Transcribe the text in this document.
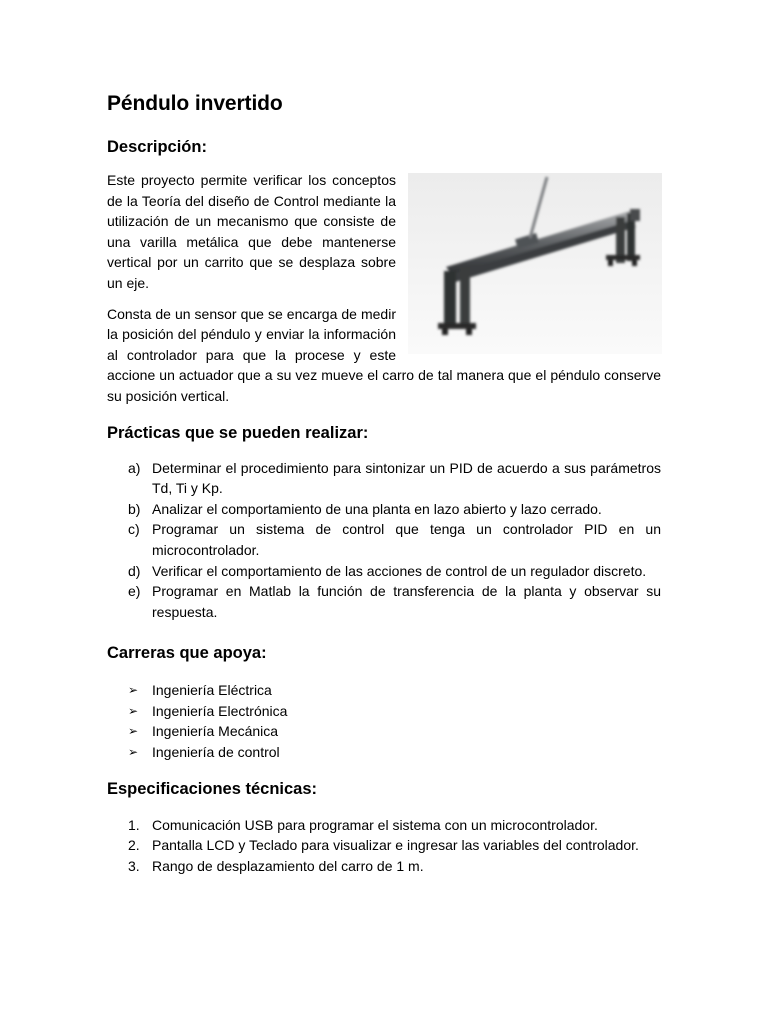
Péndulo invertido
Descripción:

Este proyecto permite verificar los conceptos de la Teoría del diseño de Control mediante la utilización de un mecanismo que consiste de una varilla metálica que debe mantenerse vertical por un carrito que se desplaza sobre un eje.

Consta de un sensor que se encarga de medir la posición del péndulo y enviar la información al controlador para que la procese y este accione un actuador que a su vez mueve el carro de tal manera que el péndulo conserve su posición vertical.

Prácticas que se pueden realizar:
a) Determinar el procedimiento para sintonizar un PID de acuerdo a sus parámetros Td, Ti y Kp.
b) Analizar el comportamiento de una planta en lazo abierto y lazo cerrado.
c) Programar un sistema de control que tenga un controlador PID en un microcontrolador.
d) Verificar el comportamiento de las acciones de control de un regulador discreto.
e) Programar en Matlab la función de transferencia de la planta y observar su respuesta.
Carreras que apoya:
➢ Ingeniería Eléctrica
➢ Ingeniería Electrónica
➢ Ingeniería Mecánica
➢ Ingeniería de control
Especificaciones técnicas:
1. Comunicación USB para programar el sistema con un microcontrolador.
2. Pantalla LCD y Teclado para visualizar e ingresar las variables del controlador.
3. Rango de desplazamiento del carro de 1 m.
